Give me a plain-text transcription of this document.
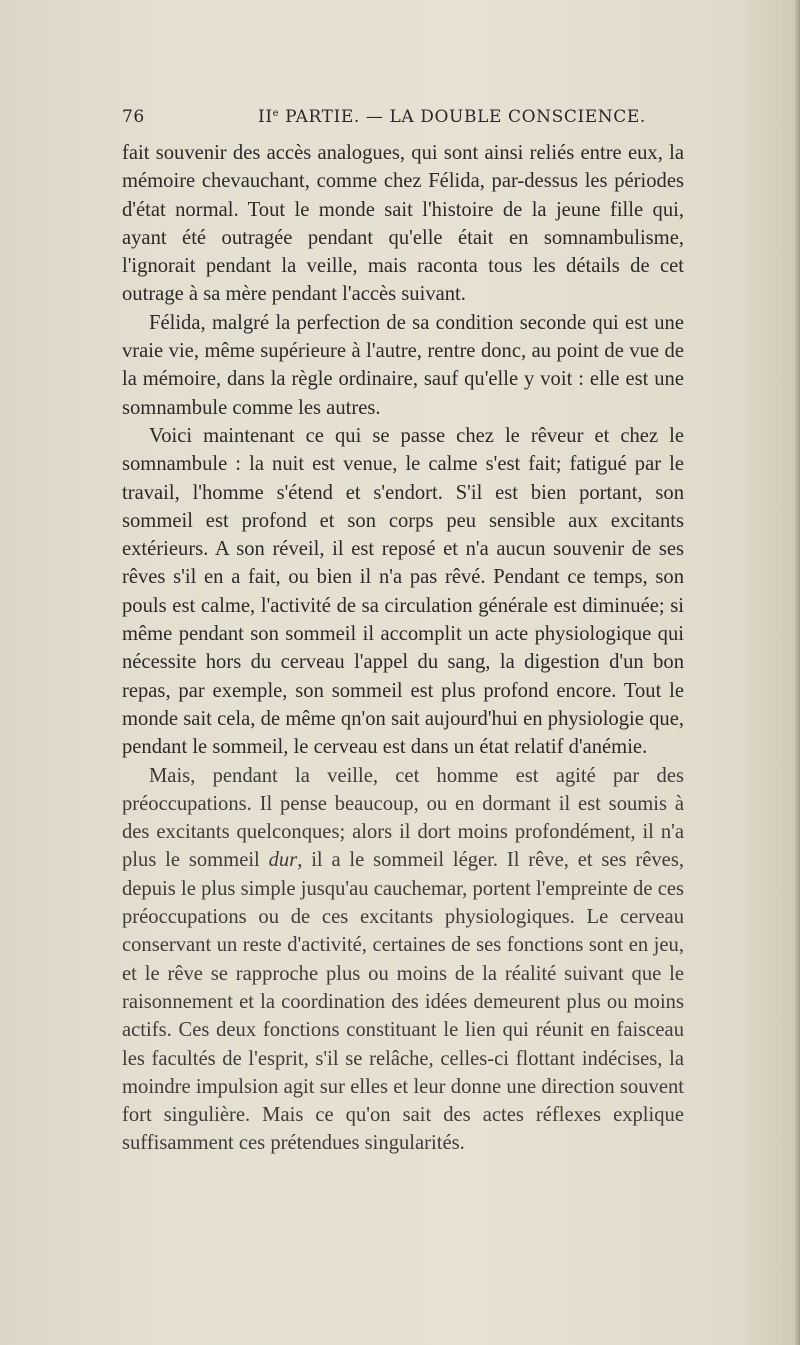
76	IIe PARTIE. — LA DOUBLE CONSCIENCE.

fait souvenir des accès analogues, qui sont ainsi reliés entre eux, la mémoire chevauchant, comme chez Félida, par-dessus les périodes d'état normal. Tout le monde sait l'histoire de la jeune fille qui, ayant été outragée pendant qu'elle était en somnambulisme, l'ignorait pendant la veille, mais raconta tous les détails de cet outrage à sa mère pendant l'accès suivant.

Félida, malgré la perfection de sa condition seconde qui est une vraie vie, même supérieure à l'autre, rentre donc, au point de vue de la mémoire, dans la règle ordinaire, sauf qu'elle y voit : elle est une somnambule comme les autres.

Voici maintenant ce qui se passe chez le rêveur et chez le somnambule : la nuit est venue, le calme s'est fait; fatigué par le travail, l'homme s'étend et s'endort. S'il est bien portant, son sommeil est profond et son corps peu sensible aux excitants extérieurs. A son réveil, il est reposé et n'a aucun souvenir de ses rêves s'il en a fait, ou bien il n'a pas rêvé. Pendant ce temps, son pouls est calme, l'activité de sa circulation générale est diminuée; si même pendant son sommeil il accomplit un acte physiologique qui nécessite hors du cerveau l'appel du sang, la digestion d'un bon repas, par exemple, son sommeil est plus profond encore. Tout le monde sait cela, de même qn'on sait aujourd'hui en physiologie que, pendant le sommeil, le cerveau est dans un état relatif d'anémie.

Mais, pendant la veille, cet homme est agité par des préoccupations. Il pense beaucoup, ou en dormant il est soumis à des excitants quelconques; alors il dort moins profondément, il n'a plus le sommeil dur, il a le sommeil léger. Il rêve, et ses rêves, depuis le plus simple jusqu'au cauchemar, portent l'empreinte de ces préoccupations ou de ces excitants physiologiques. Le cerveau conservant un reste d'activité, certaines de ses fonctions sont en jeu, et le rêve se rapproche plus ou moins de la réalité suivant que le raisonnement et la coordination des idées demeurent plus ou moins actifs. Ces deux fonctions constituant le lien qui réunit en faisceau les facultés de l'esprit, s'il se relâche, celles-ci flottant indécises, la moindre impulsion agit sur elles et leur donne une direction souvent fort singulière. Mais ce qu'on sait des actes réflexes explique suffisamment ces prétendues singularités.
